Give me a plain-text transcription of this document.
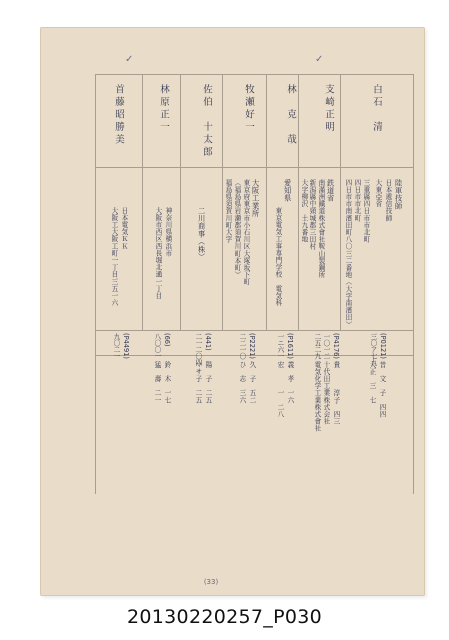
✓	✓
白石　清
支崎正明
林　克　哉
牧瀬好一
佐伯　十太郎
林原正一
首藤昭勝美
陸軍技師
日本遞信技師
大東亞省
三重縣四日市市北町
四日市市北町
四日市市南濱田町八〇三二番地（大字南濱田）
鉄道省
南滿洲鐵道株式會社鞍山製鋼所
新潟縣中頸城郡三田村
大字柳沢　土九番地
愛知県
東京電気工事専門学校　電気科
大阪工業所
東京府東京市小石川区大塚坂下町
（福島県岩瀬郡須賀川町本町）
福島県須賀川町大字
二川商事（株）
神奈川県横浜市
大阪市西区西長堀北通一丁目
日本電気ＫＫ
大阪工大阪工町一丁目三五一六
(P0121)
三〇ア七九
(P4176)
一〇一二
二五二九
(P1611)
一ニ六一
(P2221)
二二一〇
(441)
二一二〇四
(66)
八〇〇一
(P4491)
九〇二一
昔　文　子　四四
大正　三　七
貴　　　淳子　四三
十代田工業株式会社
電気化学工業株式會社
義　孝　一六
宏　　　一　二八
久　子　五二
ひ　志　三六
陽　子　二五
マサ子　二五
鈴　木　一七
猛　壽　二一
(33)
20130220257_P030
